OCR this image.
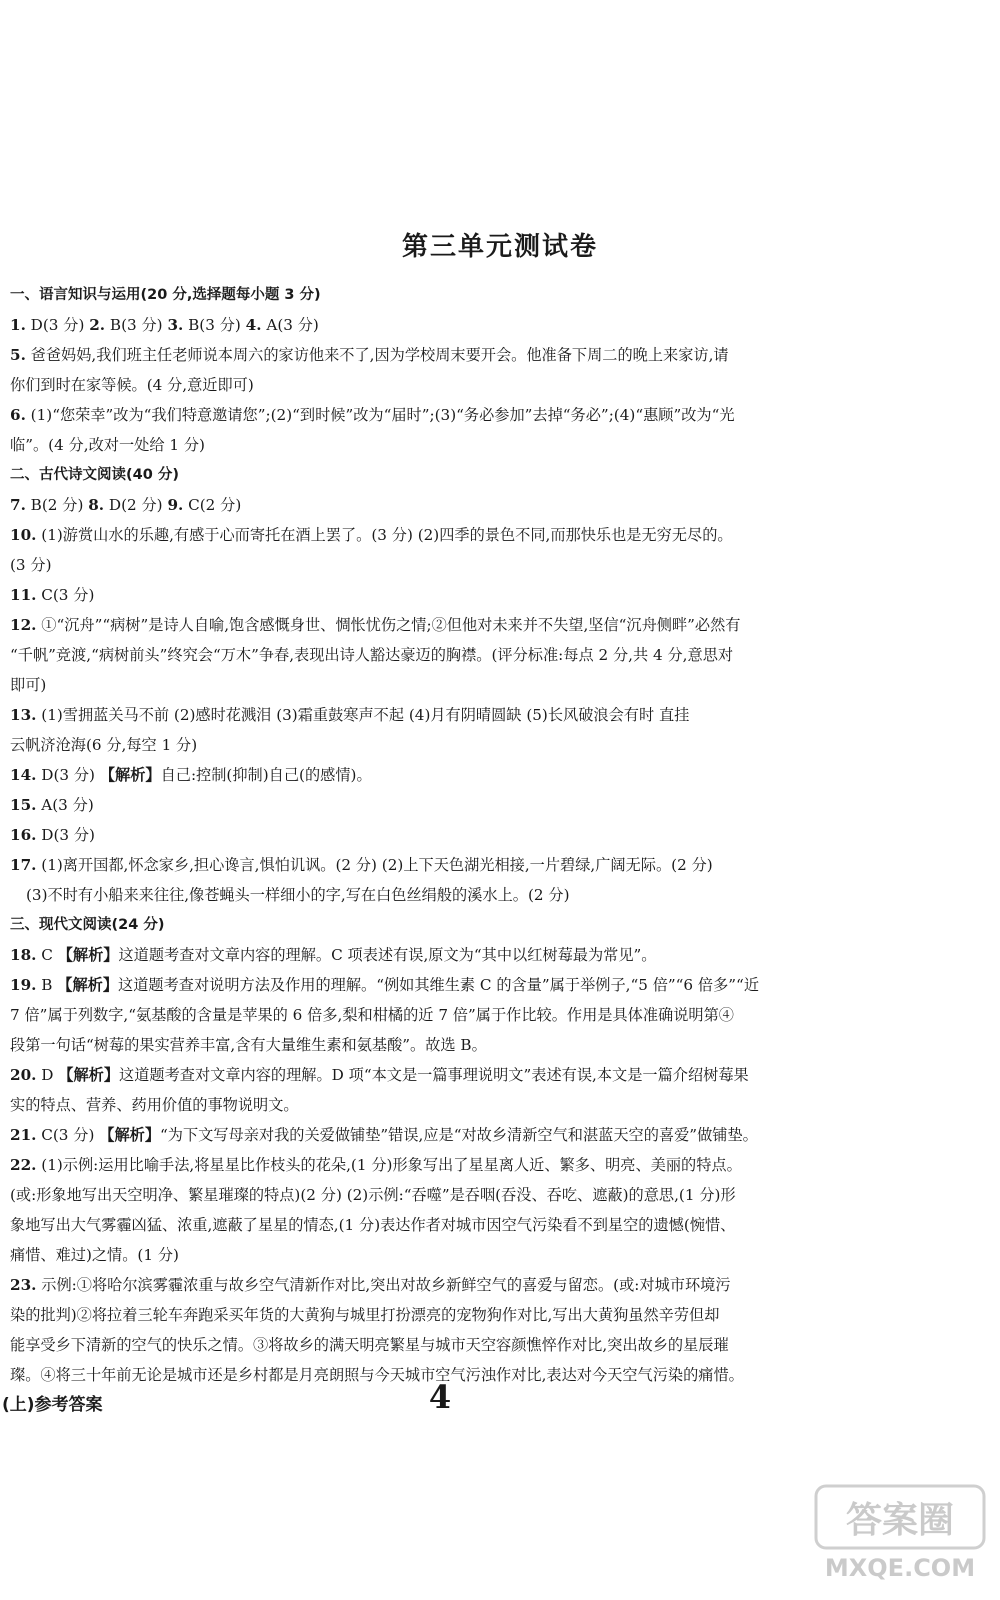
第三单元测试卷
一、语言知识与运用(20 分,选择题每小题 3 分)
1. D(3 分) 2. B(3 分) 3. B(3 分) 4. A(3 分)
5. 爸爸妈妈,我们班主任老师说本周六的家访他来不了,因为学校周末要开会。他准备下周二的晚上来家访,请
你们到时在家等候。(4 分,意近即可)
6. (1)“您荣幸”改为“我们特意邀请您”;(2)“到时候”改为“届时”;(3)“务必参加”去掉“务必”;(4)“惠顾”改为“光
临”。(4 分,改对一处给 1 分)
二、古代诗文阅读(40 分)
7. B(2 分) 8. D(2 分) 9. C(2 分)
10. (1)游赏山水的乐趣,有感于心而寄托在酒上罢了。(3 分) (2)四季的景色不同,而那快乐也是无穷无尽的。
(3 分)
11. C(3 分)
12. ①“沉舟”“病树”是诗人自喻,饱含感慨身世、惆怅忧伤之情;②但他对未来并不失望,坚信“沉舟侧畔”必然有
“千帆”竞渡,“病树前头”终究会“万木”争春,表现出诗人豁达豪迈的胸襟。(评分标准:每点 2 分,共 4 分,意思对
即可)
13. (1)雪拥蓝关马不前 (2)感时花溅泪 (3)霜重鼓寒声不起 (4)月有阴晴圆缺 (5)长风破浪会有时 直挂
云帆济沧海(6 分,每空 1 分)
14. D(3 分) 【解析】自己:控制(抑制)自己(的感情)。
15. A(3 分)
16. D(3 分)
17. (1)离开国都,怀念家乡,担心谗言,惧怕讥讽。(2 分) (2)上下天色湖光相接,一片碧绿,广阔无际。(2 分)
(3)不时有小船来来往往,像苍蝇头一样细小的字,写在白色丝绢般的溪水上。(2 分)
三、现代文阅读(24 分)
18. C 【解析】这道题考查对文章内容的理解。C 项表述有误,原文为“其中以红树莓最为常见”。
19. B 【解析】这道题考查对说明方法及作用的理解。“例如其维生素 C 的含量”属于举例子,“5 倍”“6 倍多”“近
7 倍”属于列数字,“氨基酸的含量是苹果的 6 倍多,梨和柑橘的近 7 倍”属于作比较。作用是具体准确说明第④
段第一句话“树莓的果实营养丰富,含有大量维生素和氨基酸”。故选 B。
20. D 【解析】这道题考查对文章内容的理解。D 项“本文是一篇事理说明文”表述有误,本文是一篇介绍树莓果
实的特点、营养、药用价值的事物说明文。
21. C(3 分) 【解析】“为下文写母亲对我的关爱做铺垫”错误,应是“对故乡清新空气和湛蓝天空的喜爱”做铺垫。
22. (1)示例:运用比喻手法,将星星比作枝头的花朵,(1 分)形象写出了星星离人近、繁多、明亮、美丽的特点。
(或:形象地写出天空明净、繁星璀璨的特点)(2 分) (2)示例:“吞噬”是吞咽(吞没、吞吃、遮蔽)的意思,(1 分)形
象地写出大气雾霾凶猛、浓重,遮蔽了星星的情态,(1 分)表达作者对城市因空气污染看不到星空的遗憾(惋惜、
痛惜、难过)之情。(1 分)
23. 示例:①将哈尔滨雾霾浓重与故乡空气清新作对比,突出对故乡新鲜空气的喜爱与留恋。(或:对城市环境污
染的批判)②将拉着三轮车奔跑采买年货的大黄狗与城里打扮漂亮的宠物狗作对比,写出大黄狗虽然辛劳但却
能享受乡下清新的空气的快乐之情。③将故乡的满天明亮繁星与城市天空容颜憔悴作对比,突出故乡的星辰璀
璨。④将三十年前无论是城市还是乡村都是月亮朗照与今天城市空气污浊作对比,表达对今天空气污染的痛惜。
(上)参考答案	4
答案圈
MXQE.COM
